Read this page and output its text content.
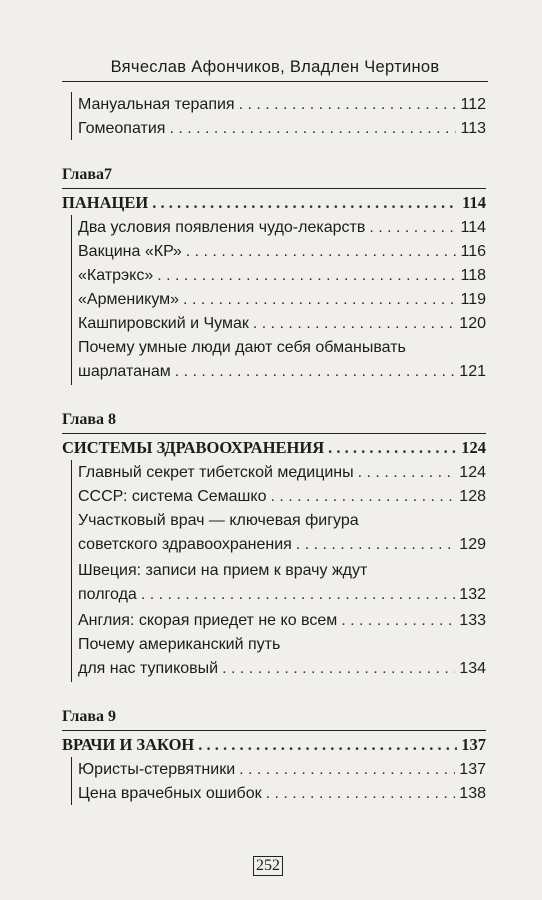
Вячеслав Афончиков, Владлен Чертинов
Мануальная терапия . . .	112
Гомеопатия . . .	113
Глава7
ПАНАЦЕИ . . .	114
Два условия появления чудо-лекарств . . .	114
Вакцина «КР» . . .	116
«Катрэкс» . . .	118
«Арменикум» . . .	119
Кашпировский и Чумак . . .	120
Почему умные люди дают себя обманывать
шарлатанам . . .	121
Глава 8
СИСТЕМЫ ЗДРАВООХРАНЕНИЯ . . .	124
Главный секрет тибетской медицины . . .	124
СССР: система Семашко . . .	128
Участковый врач — ключевая фигура
советского здравоохранения . . .	129
Швеция: записи на прием к врачу ждут
полгода . . .	132
Англия: скорая приедет не ко всем . . .	133
Почему американский путь
для нас тупиковый . . .	134
Глава 9
ВРАЧИ И ЗАКОН . . .	137
Юристы-стервятники . . .	137
Цена врачебных ошибок . . .	138
252
